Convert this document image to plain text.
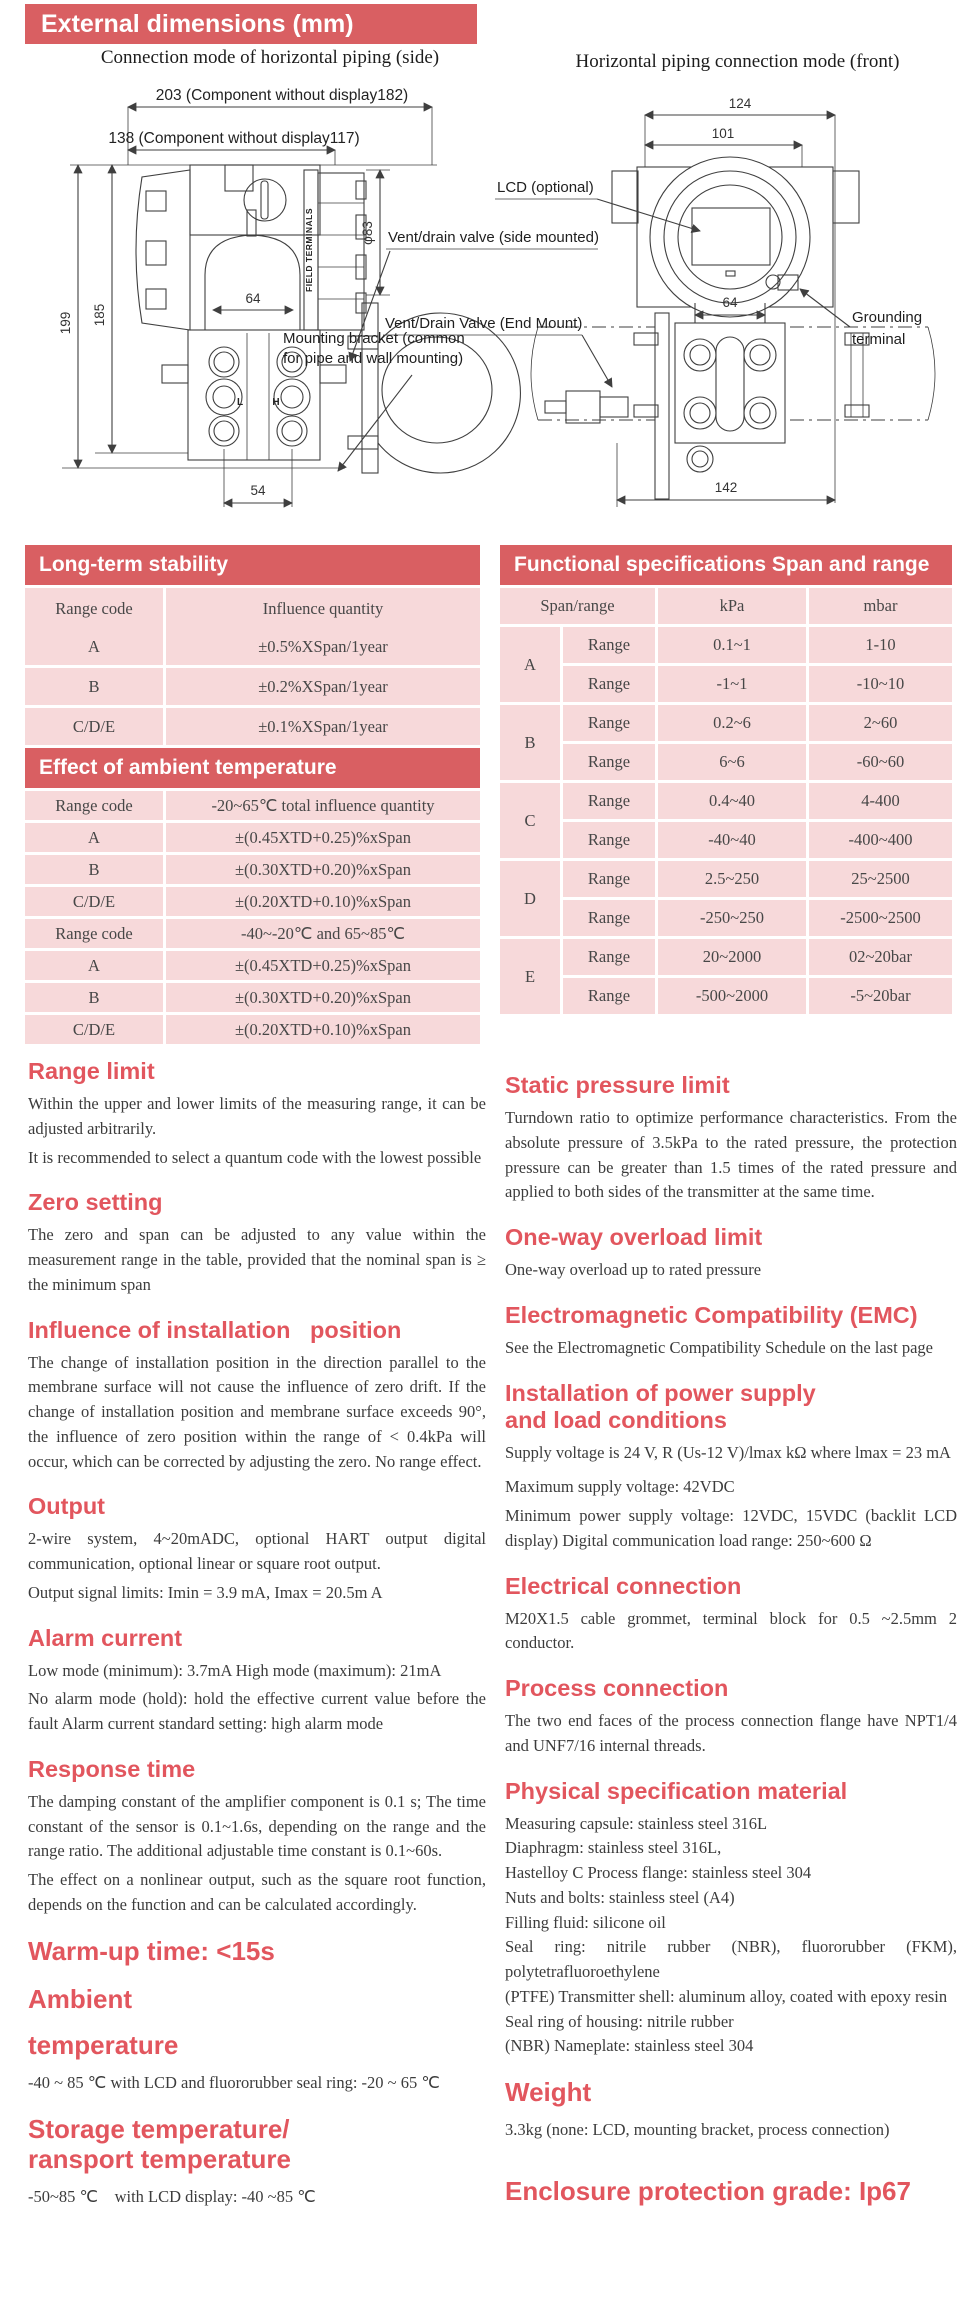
External dimensions (mm)
Connection mode of horizontal piping (side)	Horizontal piping connection mode (front)
203 (Component without display182)
138 (Component without display117)
199 185
φ83
FIELD TERMINALS
64
L	H
54
Mounting bracket (common
for pipe and wall mounting)
124
101
64
142
LCD (optional)
Vent/drain valve (side mounted)
Vent/Drain Valve (End Mount)	Grounding
terminal
Long-term stability
Range code	Influence quantity
A	±0.5%XSpan/1year
B	±0.2%XSpan/1year
C/D/E	±0.1%XSpan/1year
Effect of ambient temperature
Range code	-20~65℃ total influence quantity
A	±(0.45XTD+0.25)%xSpan
B	±(0.30XTD+0.20)%xSpan
C/D/E	±(0.20XTD+0.10)%xSpan
Range code	-40~-20℃ and 65~85℃
A	±(0.45XTD+0.25)%xSpan
B	±(0.30XTD+0.20)%xSpan
C/D/E	±(0.20XTD+0.10)%xSpan
Functional specifications Span and range
Span/range	kPa	mbar
A
Range	0.1~1	1-10
Range	-1~1	-10~10
B
Range	0.2~6	2~60
Range	6~6	-60~60
C
Range	0.4~40	4-400
Range	-40~40	-400~400
D
Range	2.5~250	25~2500
Range	-250~250	-2500~2500
E
Range	20~2000	02~20bar
Range	-500~2000	-5~20bar
Range limit

Within the upper and lower limits of the measuring range, it can be adjusted arbitrarily.

It is recommended to select a quantum code with the lowest possible

Zero setting

The zero and span can be adjusted to any value within the measurement range in the table, provided that the nominal span is ≥ the minimum span

Influence of installation   position

The change of installation position in the direction parallel to the membrane surface will not cause the influence of zero drift. If the change of installation position and membrane surface exceeds 90°, the influence of zero position within the range of < 0.4kPa will occur, which can be corrected by adjusting the zero. No range effect.

Output

2-wire system, 4~20mADC, optional HART output digital communication, optional linear or square root output.

Output signal limits: Imin = 3.9 mA, Imax = 20.5m A

Alarm current

Low mode (minimum): 3.7mA High mode (maximum): 21mA

No alarm mode (hold): hold the effective current value before the fault Alarm current standard setting: high alarm mode

Response time

The damping constant of the amplifier component is 0.1 s; The time constant of the sensor is 0.1~1.6s, depending on the range and the range ratio. The additional adjustable time constant is 0.1~60s.

The effect on a nonlinear output, such as the square root function, depends on the function and can be calculated accordingly.

Warm-up time: <15s
Ambient
temperature

-40 ~ 85 ℃ with LCD and fluororubber seal ring: -20 ~ 65 ℃

Storage temperature/
ransport temperature

-50~85 ℃    with LCD display: -40 ~85 ℃

Static pressure limit

Turndown ratio to optimize performance characteristics. From the absolute pressure of 3.5kPa to the rated pressure, the protection pressure can be greater than 1.5 times of the rated pressure and applied to both sides of the transmitter at the same time.

One-way overload limit

One-way overload up to rated pressure

Electromagnetic Compatibility (EMC)

See the Electromagnetic Compatibility Schedule on the last page

Installation of power supply
and load conditions

Supply voltage is 24 V, R (Us-12 V)/lmax kΩ where lmax = 23 mA

Maximum supply voltage: 42VDC

Minimum power supply voltage: 12VDC, 15VDC (backlit LCD display) Digital communication load range: 250~600 Ω

Electrical connection

M20X1.5 cable grommet, terminal block for 0.5 ~2.5mm 2 conductor.

Process connection

The two end faces of the process connection flange have NPT1/4 and UNF7/16 internal threads.

Physical specification material

Measuring capsule: stainless steel 316L

Diaphragm: stainless steel 316L,

Hastelloy C Process flange: stainless steel 304

Nuts and bolts: stainless steel (A4)

Filling fluid: silicone oil

Seal ring: nitrile rubber (NBR), fluororubber (FKM), polytetrafluoroethylene

(PTFE) Transmitter shell: aluminum alloy, coated with epoxy resin

Seal ring of housing: nitrile rubber

(NBR) Nameplate: stainless steel 304

Weight

3.3kg (none: LCD, mounting bracket, process connection)

Enclosure protection grade: Ip67
